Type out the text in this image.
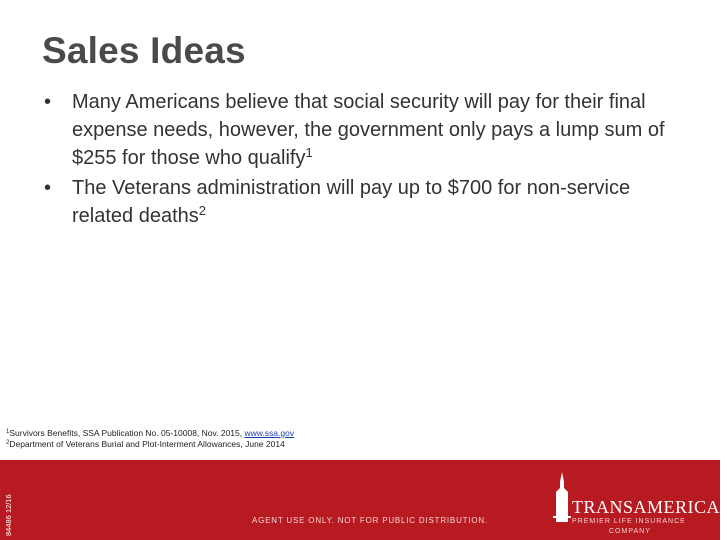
Sales Ideas
• Many Americans believe that social security will pay for their final expense needs, however, the government only pays a lump sum of $255 for those who qualify$^1$
• The Veterans administration will pay up to $700 for non-service related deaths$^2$
$^1$Survivors Benefits, SSA Publication No. 05-10008, Nov. 2015, www.ssa.gov
$^2$Department of Veterans Burial and Plot-Interment Allowances, June 2014
84486 12/16	AGENT USE ONLY. NOT FOR PUBLIC DISTRIBUTION.
TRANSAMERICA®
PREMIER LIFE INSURANCE
COMPANY
